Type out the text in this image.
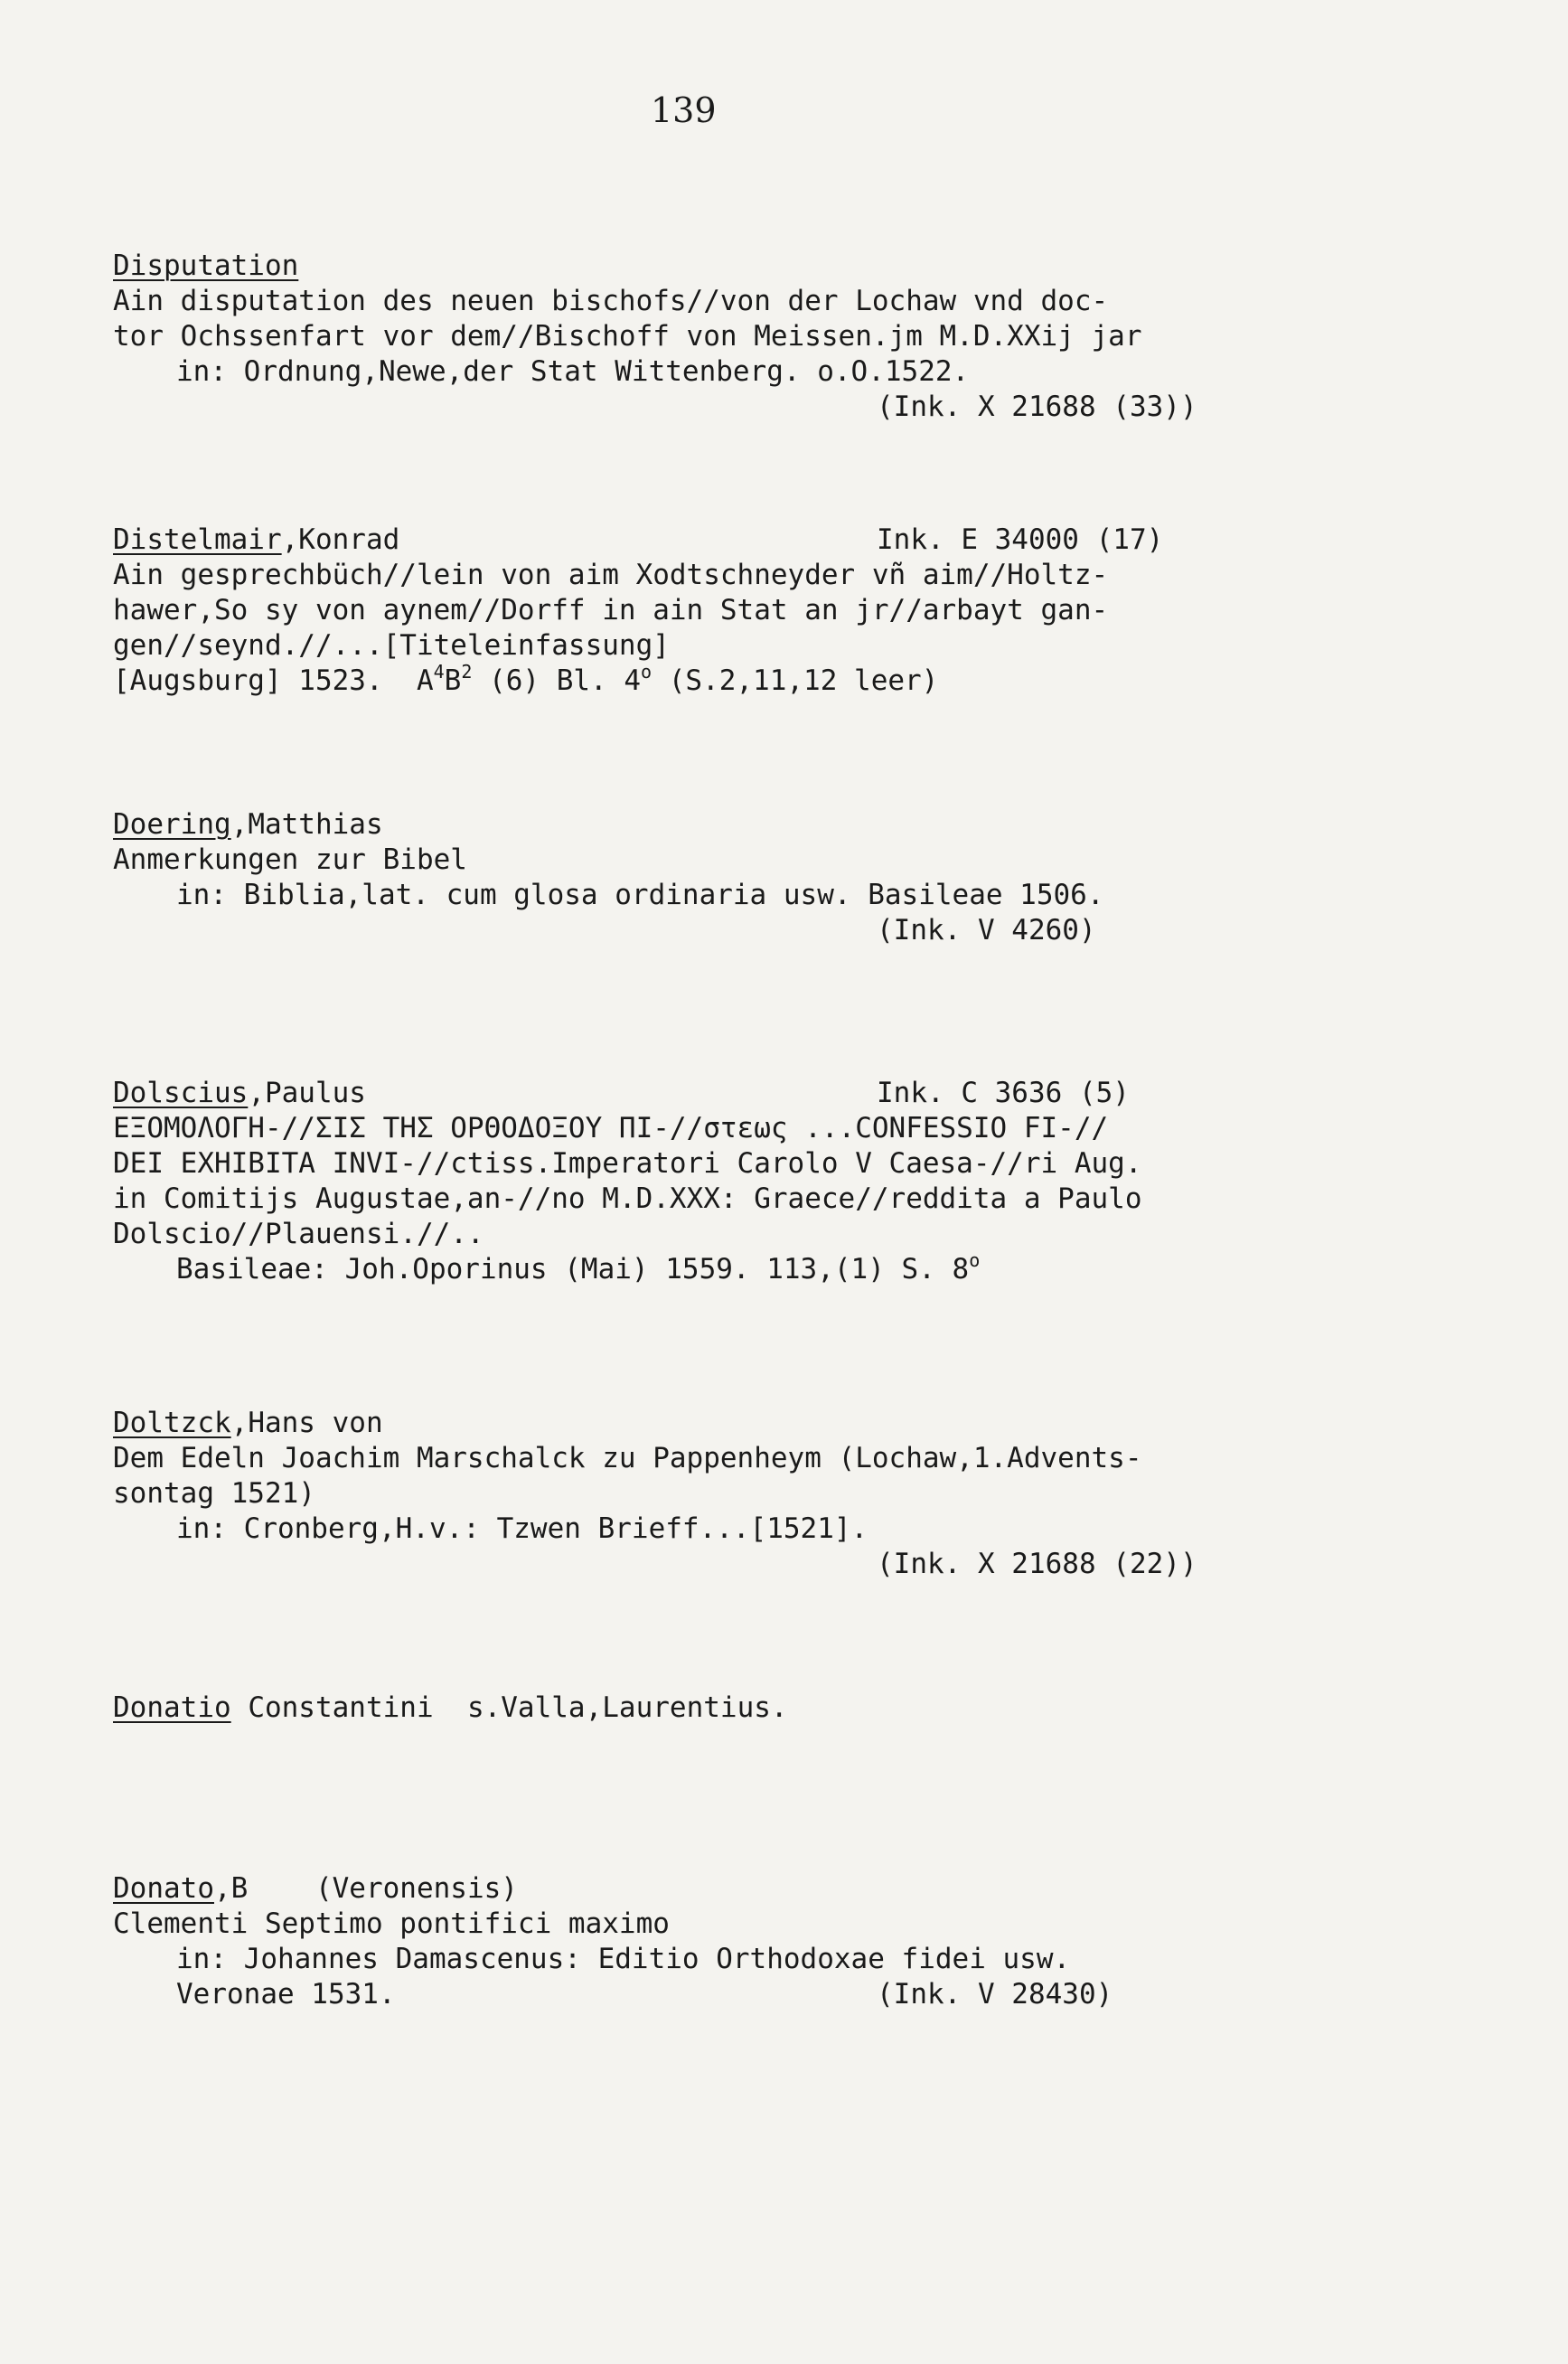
139
Disputation
Ain disputation des neuen bischofs//von der Lochaw vnd doc-
tor Ochssenfart vor dem//Bischoff von Meissen.jm M.D.XXij jar
in: Ordnung,Newe,der Stat Wittenberg. o.O.1522.
(Ink. X 21688 (33))

Distelmair,Konrad

	Ink. E 34000 (17)

Ain gesprechbüch//lein von aim Xodtschneyder vñ aim//Holtz-
hawer,So sy von aynem//Dorff in ain Stat an jr//arbayt gan-
gen//seynd.//...[Titeleinfassung]
[Augsburg] 1523.  $A^4B^2$ (6) Bl. 4$^o$ (S.2,11,12 leer)

Doering,Matthias

Anmerkungen zur Bibel
in: Biblia,lat. cum glosa ordinaria usw. Basileae 1506.
(Ink. V 4260)

Dolscius,Paulus

	Ink. C 3636 (5)

ΕΞΟΜΟΛΟΓΗ-//ΣΙΣ ΤΗΣ ΟΡΘΟΔΟΞΟΥ ΠΙ-//στεως ...CONFESSIO FI-//
DEI EXHIBITA INVI-//ctiss.Imperatori Carolo V Caesa-//ri Aug.
in Comitijs Augustae,an-//no M.D.XXX: Graece//reddita a Paulo
Dolscio//Plauensi.//..
Basileae: Joh.Oporinus (Mai) 1559. 113,(1) S. 8$^o$

Doltzck,Hans von

Dem Edeln Joachim Marschalck zu Pappenheym (Lochaw,1.Advents-
sontag 1521)
in: Cronberg,H.v.: Tzwen Brieff...[1521].
(Ink. X 21688 (22))

Donatio Constantini  s.Valla,Laurentius.

Donato,B    (Veronensis)

Clementi Septimo pontifici maximo
in: Johannes Damascenus: Editio Orthodoxae fidei usw.

Veronae 1531.

	(Ink. V 28430)
